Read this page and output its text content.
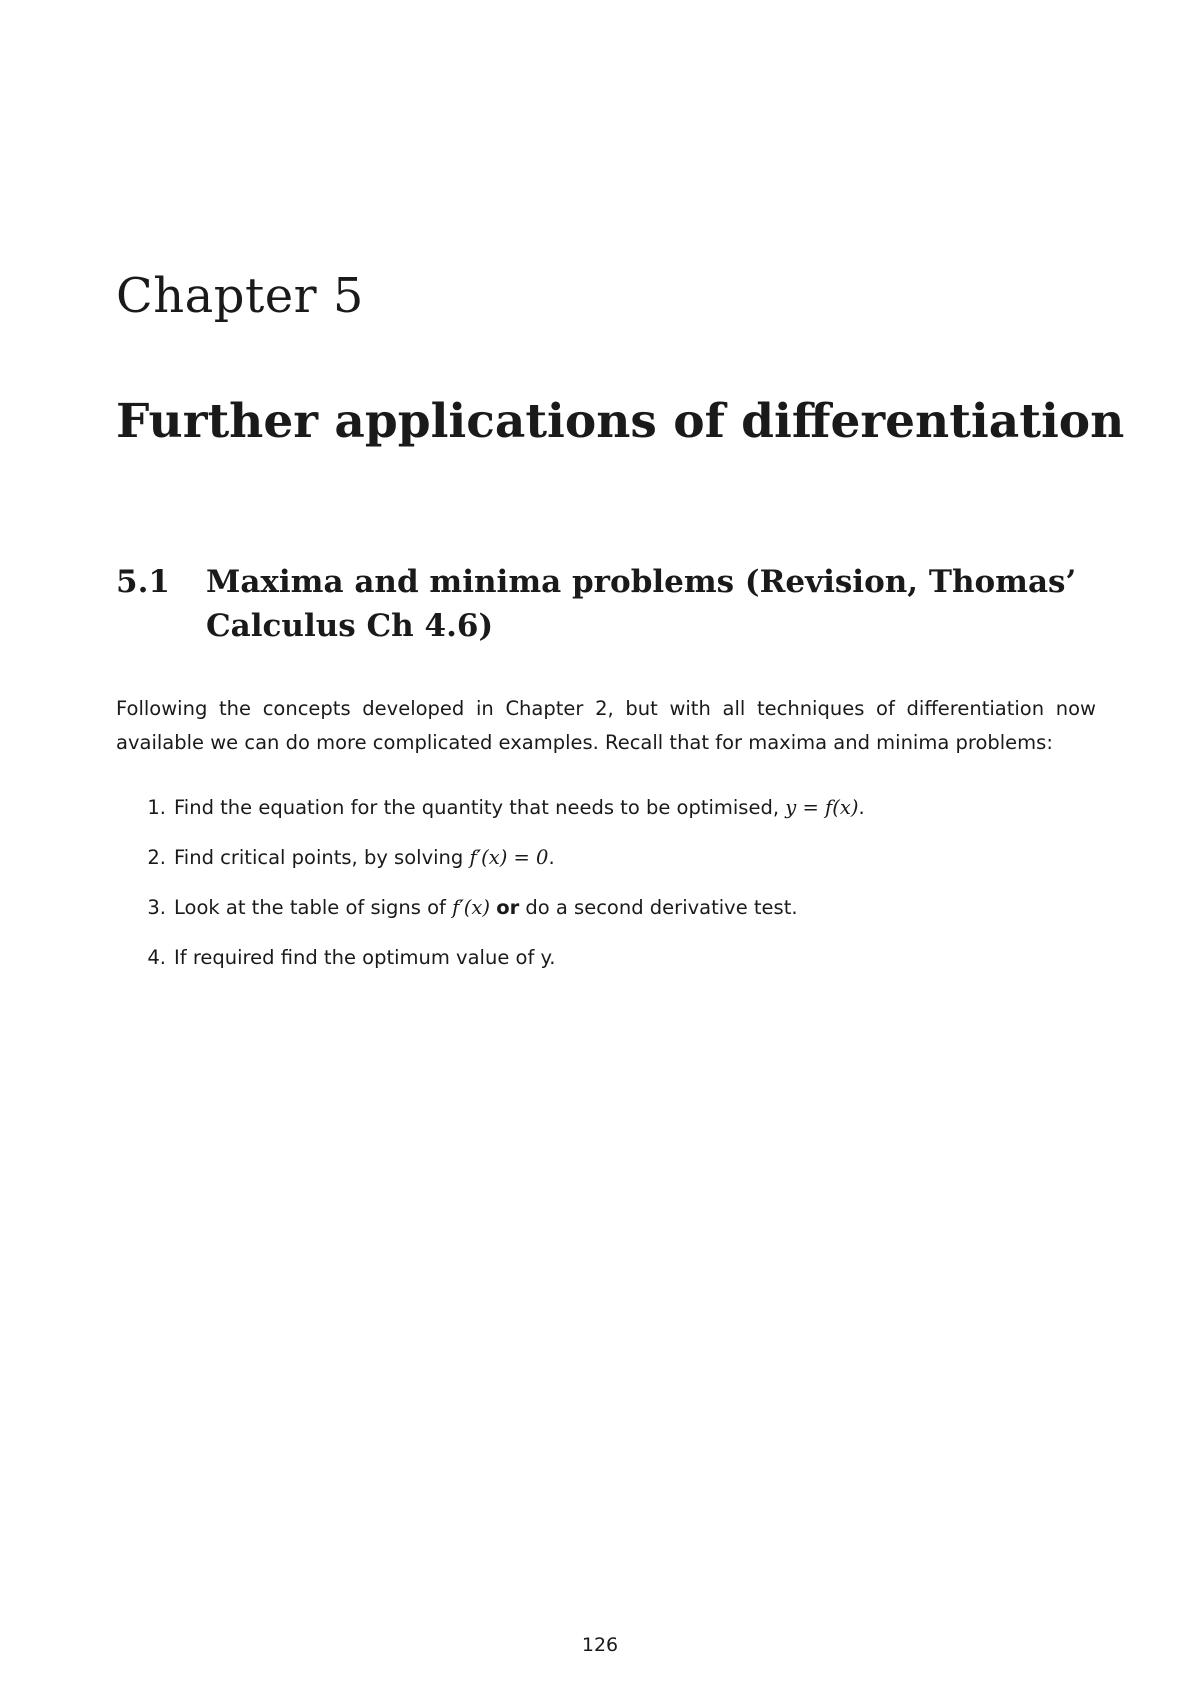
Chapter 5
Further applications of differentiation
5.1	Maxima and minima problems (Revision, Thomas’ Calculus Ch 4.6)

Following the concepts developed in Chapter 2, but with all techniques of differentiation now available we can do more complicated examples. Recall that for maxima and minima problems:

1. Find the equation for the quantity that needs to be optimised, y = f(x).
2. Find critical points, by solving f′(x) = 0.
3. Look at the table of signs of f′(x) or do a second derivative test.
4. If required find the optimum value of y.
126
